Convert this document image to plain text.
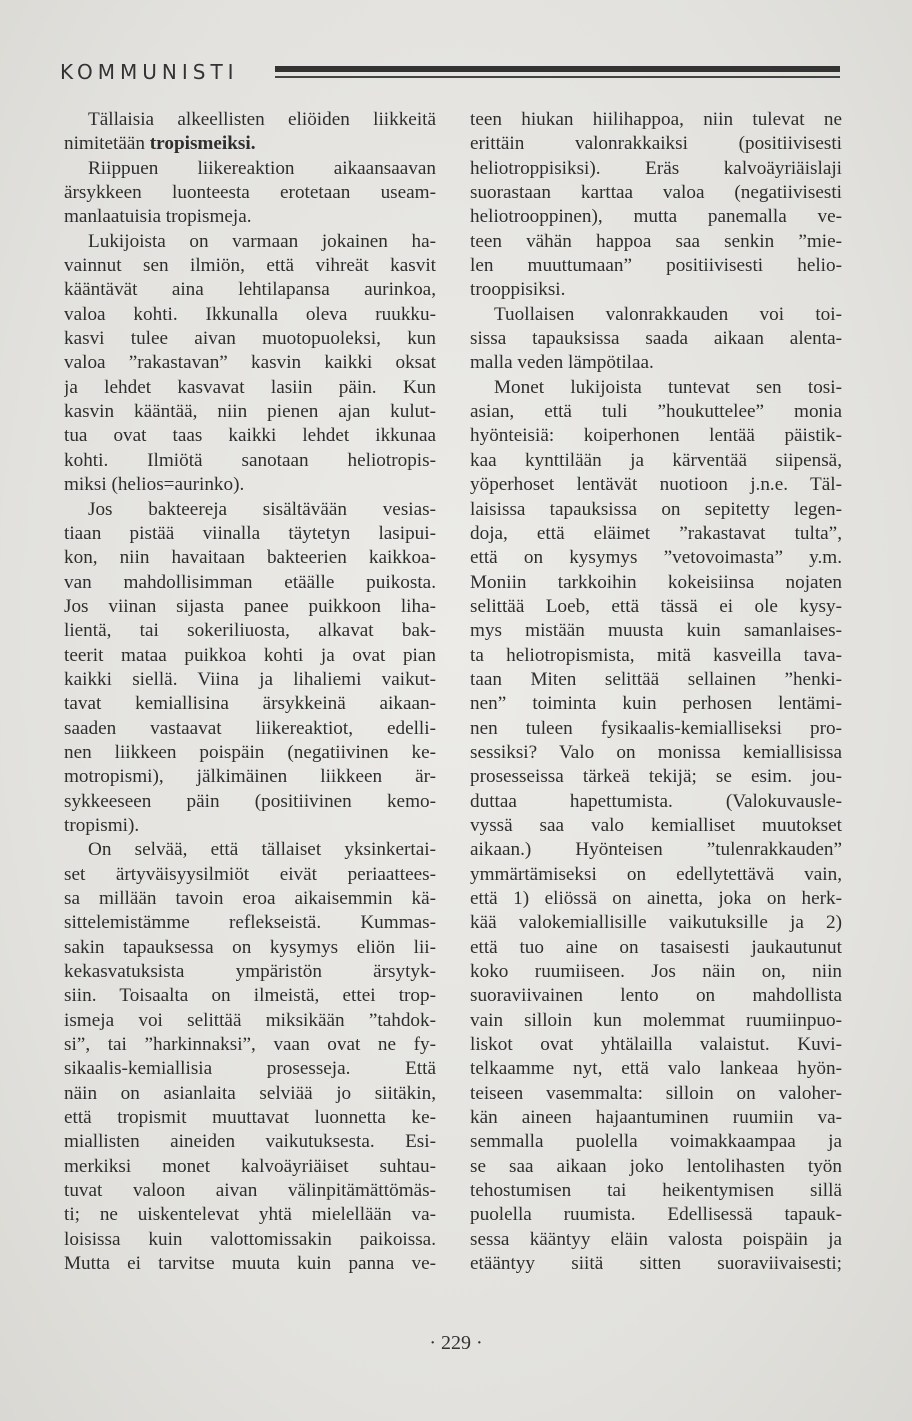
KOMMUNISTI
Tällaisia alkeellisten eliöiden liikkeitä
nimitetään tropismeiksi.
Riippuen liikereaktion aikaansaavan
ärsykkeen luonteesta erotetaan useam-
manlaatuisia tropismeja.
Lukijoista on varmaan jokainen ha-
vainnut sen ilmiön, että vihreät kasvit
kääntävät aina lehtilapansa aurinkoa,
valoa kohti. Ikkunalla oleva ruukku-
kasvi tulee aivan muotopuoleksi, kun
valoa ”rakastavan” kasvin kaikki oksat
ja lehdet kasvavat lasiin päin. Kun
kasvin kääntää, niin pienen ajan kulut-
tua ovat taas kaikki lehdet ikkunaa
kohti. Ilmiötä sanotaan heliotropis-
miksi (helios=aurinko).
Jos bakteereja sisältävään vesias-
tiaan pistää viinalla täytetyn lasipui-
kon, niin havaitaan bakteerien kaikkoa-
van mahdollisimman etäälle puikosta.
Jos viinan sijasta panee puikkoon liha-
lientä, tai sokeriliuosta, alkavat bak-
teerit mataa puikkoa kohti ja ovat pian
kaikki siellä. Viina ja lihaliemi vaikut-
tavat kemiallisina ärsykkeinä aikaan-
saaden vastaavat liikereaktiot, edelli-
nen liikkeen poispäin (negatiivinen ke-
motropismi), jälkimäinen liikkeen är-
sykkeeseen päin (positiivinen kemo-
tropismi).
On selvää, että tällaiset yksinkertai-
set ärtyväisyysilmiöt eivät periaattees-
sa millään tavoin eroa aikaisemmin kä-
sittelemistämme reflekseistä. Kummas-
sakin tapauksessa on kysymys eliön lii-
kekasvatuksista ympäristön ärsytyk-
siin. Toisaalta on ilmeistä, ettei trop-
ismeja voi selittää miksikään ”tahdok-
si”, tai ”harkinnaksi”, vaan ovat ne fy-
sikaalis-kemiallisia prosesseja. Että
näin on asianlaita selviää jo siitäkin,
että tropismit muuttavat luonnetta ke-
miallisten aineiden vaikutuksesta. Esi-
merkiksi monet kalvoäyriäiset suhtau-
tuvat valoon aivan välinpitämättömäs-
ti; ne uiskentelevat yhtä mielellään va-
loisissa kuin valottomissakin paikoissa.
Mutta ei tarvitse muuta kuin panna ve-
teen hiukan hiilihappoa, niin tulevat ne
erittäin valonrakkaiksi (positiivisesti
heliotroppisiksi). Eräs kalvoäyriäislaji
suorastaan karttaa valoa (negatiivisesti
heliotrooppinen), mutta panemalla ve-
teen vähän happoa saa senkin ”mie-
len muuttumaan” positiivisesti helio-
trooppisiksi.
Tuollaisen valonrakkauden voi toi-
sissa tapauksissa saada aikaan alenta-
malla veden lämpötilaa.
Monet lukijoista tuntevat sen tosi-
asian, että tuli ”houkuttelee” monia
hyönteisiä: koiperhonen lentää päistik-
kaa kynttilään ja kärventää siipensä,
yöperhoset lentävät nuotioon j.n.e. Täl-
laisissa tapauksissa on sepitetty legen-
doja, että eläimet ”rakastavat tulta”,
että on kysymys ”vetovoimasta” y.m.
Moniin tarkkoihin kokeisiinsa nojaten
selittää Loeb, että tässä ei ole kysy-
mys mistään muusta kuin samanlaises-
ta heliotropismista, mitä kasveilla tava-
taan Miten selittää sellainen ”henki-
nen” toiminta kuin perhosen lentämi-
nen tuleen fysikaalis-kemialliseksi pro-
sessiksi? Valo on monissa kemiallisissa
prosesseissa tärkeä tekijä; se esim. jou-
duttaa hapettumista. (Valokuvausle-
vyssä saa valo kemialliset muutokset
aikaan.) Hyönteisen ”tulenrakkauden”
ymmärtämiseksi on edellytettävä vain,
että 1) eliössä on ainetta, joka on herk-
kää valokemiallisille vaikutuksille ja 2)
että tuo aine on tasaisesti jaukautunut
koko ruumiiseen. Jos näin on, niin
suoraviivainen lento on mahdollista
vain silloin kun molemmat ruumiinpuo-
liskot ovat yhtälailla valaistut. Kuvi-
telkaamme nyt, että valo lankeaa hyön-
teiseen vasemmalta: silloin on valoher-
kän aineen hajaantuminen ruumiin va-
semmalla puolella voimakkaampaa ja
se saa aikaan joko lentolihasten työn
tehostumisen tai heikentymisen sillä
puolella ruumista. Edellisessä tapauk-
sessa kääntyy eläin valosta poispäin ja
etääntyy siitä sitten suoraviivaisesti;
· 229 ·
